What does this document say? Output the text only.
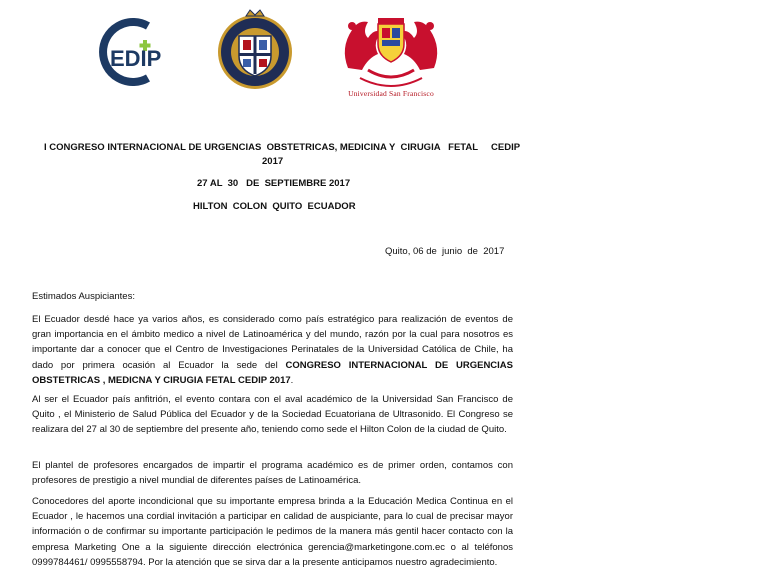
EDIP
Universidad San Francisco
I CONGRESO INTERNACIONAL DE URGENCIAS  OBSTETRICAS, MEDICINA Y  CIRUGIA   FETAL     CEDIP
2017
27 AL  30   DE  SEPTIEMBRE 2017
HILTON  COLON  QUITO  ECUADOR
Quito, 06 de  junio  de  2017
Estimados Auspiciantes:
El Ecuador desdé hace ya varios años, es considerado como país estratégico para realización de eventos de gran importancia en el ámbito medico a nivel de Latinoamérica y del mundo, razón por la cual para nosotros es importante dar a conocer que el Centro de Investigaciones Perinatales de la Universidad Católica de Chile, ha dado por primera ocasión al Ecuador la sede del CONGRESO INTERNACIONAL DE URGENCIAS OBSTETRICAS , MEDICNA Y CIRUGIA FETAL CEDIP 2017.
Al ser el Ecuador país anfitrión, el evento contara con el aval académico de la Universidad San Francisco de Quito , el Ministerio de Salud Pública del Ecuador y de la Sociedad Ecuatoriana de Ultrasonido. El Congreso se realizara del 27 al 30 de septiembre del presente año, teniendo como sede el Hilton Colon de la ciudad de Quito.
El plantel de profesores encargados de impartir el programa académico es de primer orden, contamos con profesores de prestigio a nivel mundial de diferentes países de Latinoamérica.
Conocedores del aporte incondicional que su importante empresa brinda a la Educación Medica Continua en el Ecuador , le hacemos una cordial invitación a participar en calidad de auspiciante, para lo cual de precisar mayor información o de confirmar su importante participación le pedimos de la manera más gentil hacer contacto con la empresa Marketing One a la siguiente dirección electrónica gerencia@marketingone.com.ec o al teléfonos 0999784461/ 0995558794. Por la atención que se sirva dar a la presente anticipamos nuestro agradecimiento.
